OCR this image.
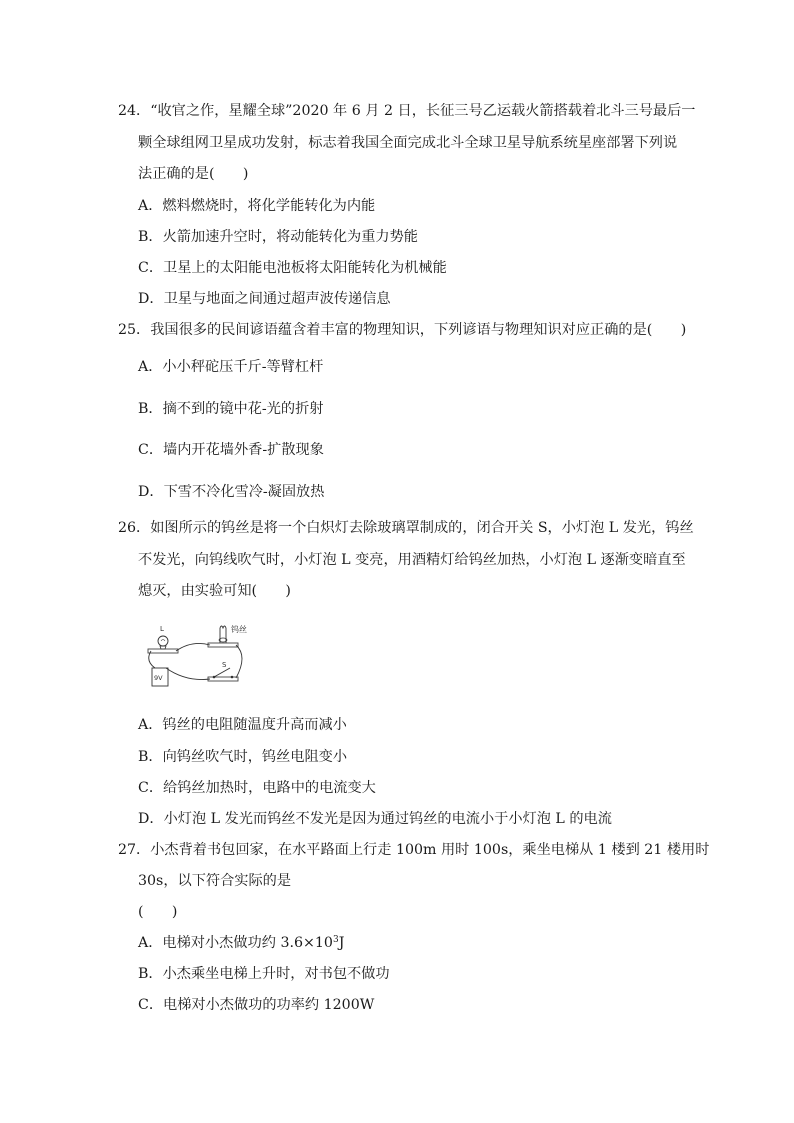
24．“收官之作，星耀全球”2020 年 6 月 2 日，长征三号乙运载火箭搭载着北斗三号最后一
颗全球组网卫星成功发射，标志着我国全面完成北斗全球卫星导航系统星座部署下列说
法正确的是(　　)
A．燃料燃烧时，将化学能转化为内能
B．火箭加速升空时，将动能转化为重力势能
C．卫星上的太阳能电池板将太阳能转化为机械能
D．卫星与地面之间通过超声波传递信息
25．我国很多的民间谚语蕴含着丰富的物理知识，下列谚语与物理知识对应正确的是(　　)
A．小小秤砣压千斤-等臂杠杆
B．摘不到的镜中花-光的折射
C．墙内开花墙外香-扩散现象
D．下雪不冷化雪冷-凝固放热
26．如图所示的钨丝是将一个白炽灯去除玻璃罩制成的，闭合开关 S，小灯泡 L 发光，钨丝
不发光，向钨线吹气时，小灯泡 L 变亮，用酒精灯给钨丝加热，小灯泡 L 逐渐变暗直至
熄灭，由实验可知(　　)
L	钨丝
S
9V
A．钨丝的电阻随温度升高而减小
B．向钨丝吹气时，钨丝电阻变小
C．给钨丝加热时，电路中的电流变大
D．小灯泡 L 发光而钨丝不发光是因为通过钨丝的电流小于小灯泡 L 的电流
27．小杰背着书包回家，在水平路面上行走 100m 用时 100s，乘坐电梯从 1 楼到 21 楼用时
30s，以下符合实际的是
(　　)
A．电梯对小杰做功约 $3.6\times 10^3J$
B．小杰乘坐电梯上升时，对书包不做功
C．电梯对小杰做功的功率约 1200W
